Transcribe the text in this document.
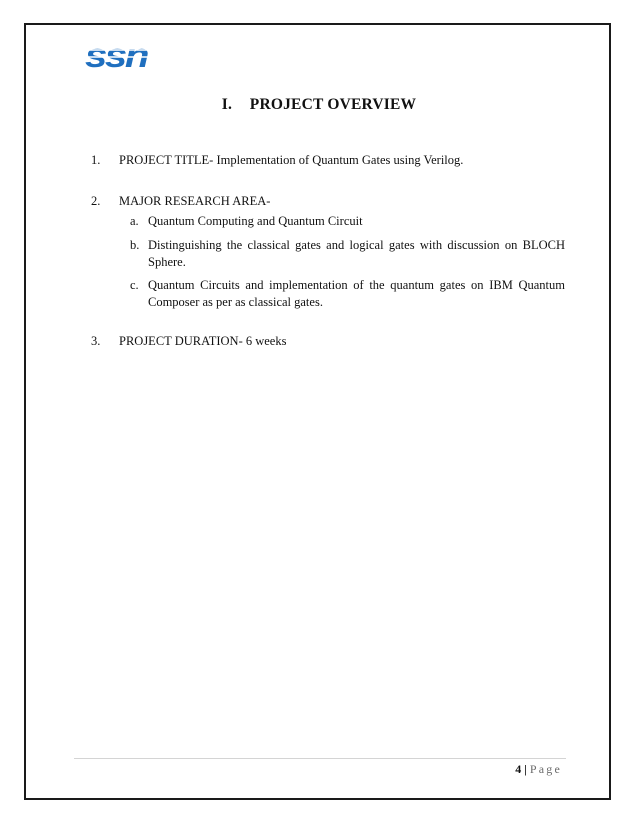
ssn
I. PROJECT OVERVIEW
1. PROJECT TITLE- Implementation of Quantum Gates using Verilog.
2. MAJOR RESEARCH AREA-
a. Quantum Computing and Quantum Circuit
b. Distinguishing the classical gates and logical gates with discussion on BLOCH Sphere.
c. Quantum Circuits and implementation of the quantum gates on IBM Quantum Composer as per as classical gates.
3. PROJECT DURATION- 6 weeks
4 | Page
